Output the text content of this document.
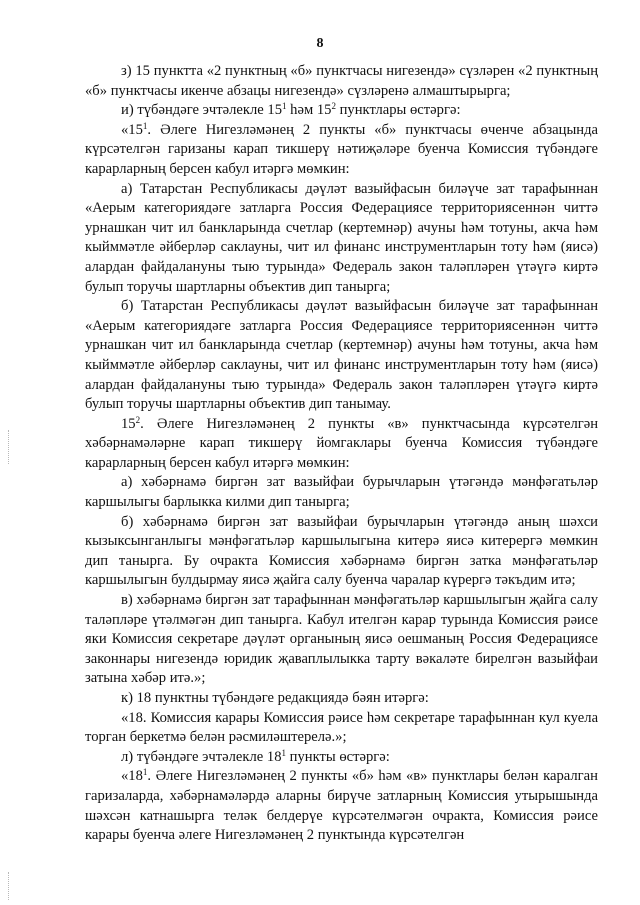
8

з) 15 пунктта «2 пунктның «б» пунктчасы нигезендә» сүзләрен «2 пунктның «б» пунктчасы икенче абзацы нигезендә» сүзләренә алмаштырырга;

и) түбәндәге эчтәлекле $15^1$ һәм $15^2$ пунктлары өстәргә:

«$15^1$. Әлеге Нигезләмәнең 2 пункты «б» пунктчасы өченче абзацында күрсәтелгән гаризаны карап тикшерү нәтиҗәләре буенча Комиссия түбәндәге карарларның берсен кабул итәргә мөмкин:

а) Татарстан Республикасы дәүләт вазыйфасын биләүче зат тарафыннан «Аерым категориядәге затларга Россия Федерациясе территориясеннән читтә урнашкан чит ил банкларында счетлар (кертемнәр) ачуны һәм тотуны, акча һәм кыйммәтле әйберләр саклауны, чит ил финанс инструментларын тоту һәм (яисә) алардан файдалануны тыю турында» Федераль закон таләпләрен үтәүгә киртә булып торучы шартларны объектив дип танырга;

б) Татарстан Республикасы дәүләт вазыйфасын биләүче зат тарафыннан «Аерым категориядәге затларга Россия Федерациясе территориясеннән читтә урнашкан чит ил банкларында счетлар (кертемнәр) ачуны һәм тотуны, акча һәм кыйммәтле әйберләр саклауны, чит ил финанс инструментларын тоту һәм (яисә) алардан файдалануны тыю турында» Федераль закон таләпләрен үтәүгә киртә булып торучы шартларны объектив дип танымау.

$15^2$. Әлеге Нигезләмәнең 2 пункты «в» пунктчасында күрсәтелгән хәбәрнамәләрне карап тикшерү йомгаклары буенча Комиссия түбәндәге карарларның берсен кабул итәргә мөмкин:

а) хәбәрнамә биргән зат вазыйфаи бурычларын үтәгәндә мәнфәгатьләр каршылыгы барлыкка килми дип танырга;

б) хәбәрнамә биргән зат вазыйфаи бурычларын үтәгәндә аның шәхси кызыксынганлыгы мәнфәгатьләр каршылыгына китерә яисә китерергә мөмкин дип танырга. Бу очракта Комиссия хәбәрнамә биргән затка мәнфәгатьләр каршылыгын булдырмау яисә җайга салу буенча чаралар күрергә тәкъдим итә;

в) хәбәрнамә биргән зат тарафыннан мәнфәгатьләр каршылыгын җайга салу таләпләре үтәлмәгән дип танырга. Кабул ителгән карар турында Комиссия рәисе яки Комиссия секретаре дәүләт органының яисә оешманың Россия Федерациясе законнары нигезендә юридик җаваплылыкка тарту вәкаләте бирелгән вазыйфаи затына хәбәр итә.»;

к) 18 пунктны түбәндәге редакциядә бәян итәргә:

«18. Комиссия карары Комиссия рәисе һәм секретаре тарафыннан кул куела торган беркетмә белән рәсмиләштерелә.»;

л) түбәндәге эчтәлекле $18^1$ пункты өстәргә:

«$18^1$. Әлеге Нигезләмәнең 2 пункты «б» һәм «в» пунктлары белән каралган гаризаларда, хәбәрнамәләрдә аларны бирүче затларның Комиссия утырышында шәхсән катнашырга теләк белдерүе күрсәтелмәгән очракта, Комиссия рәисе карары буенча әлеге Нигезләмәнең 2 пунктында күрсәтелгән
